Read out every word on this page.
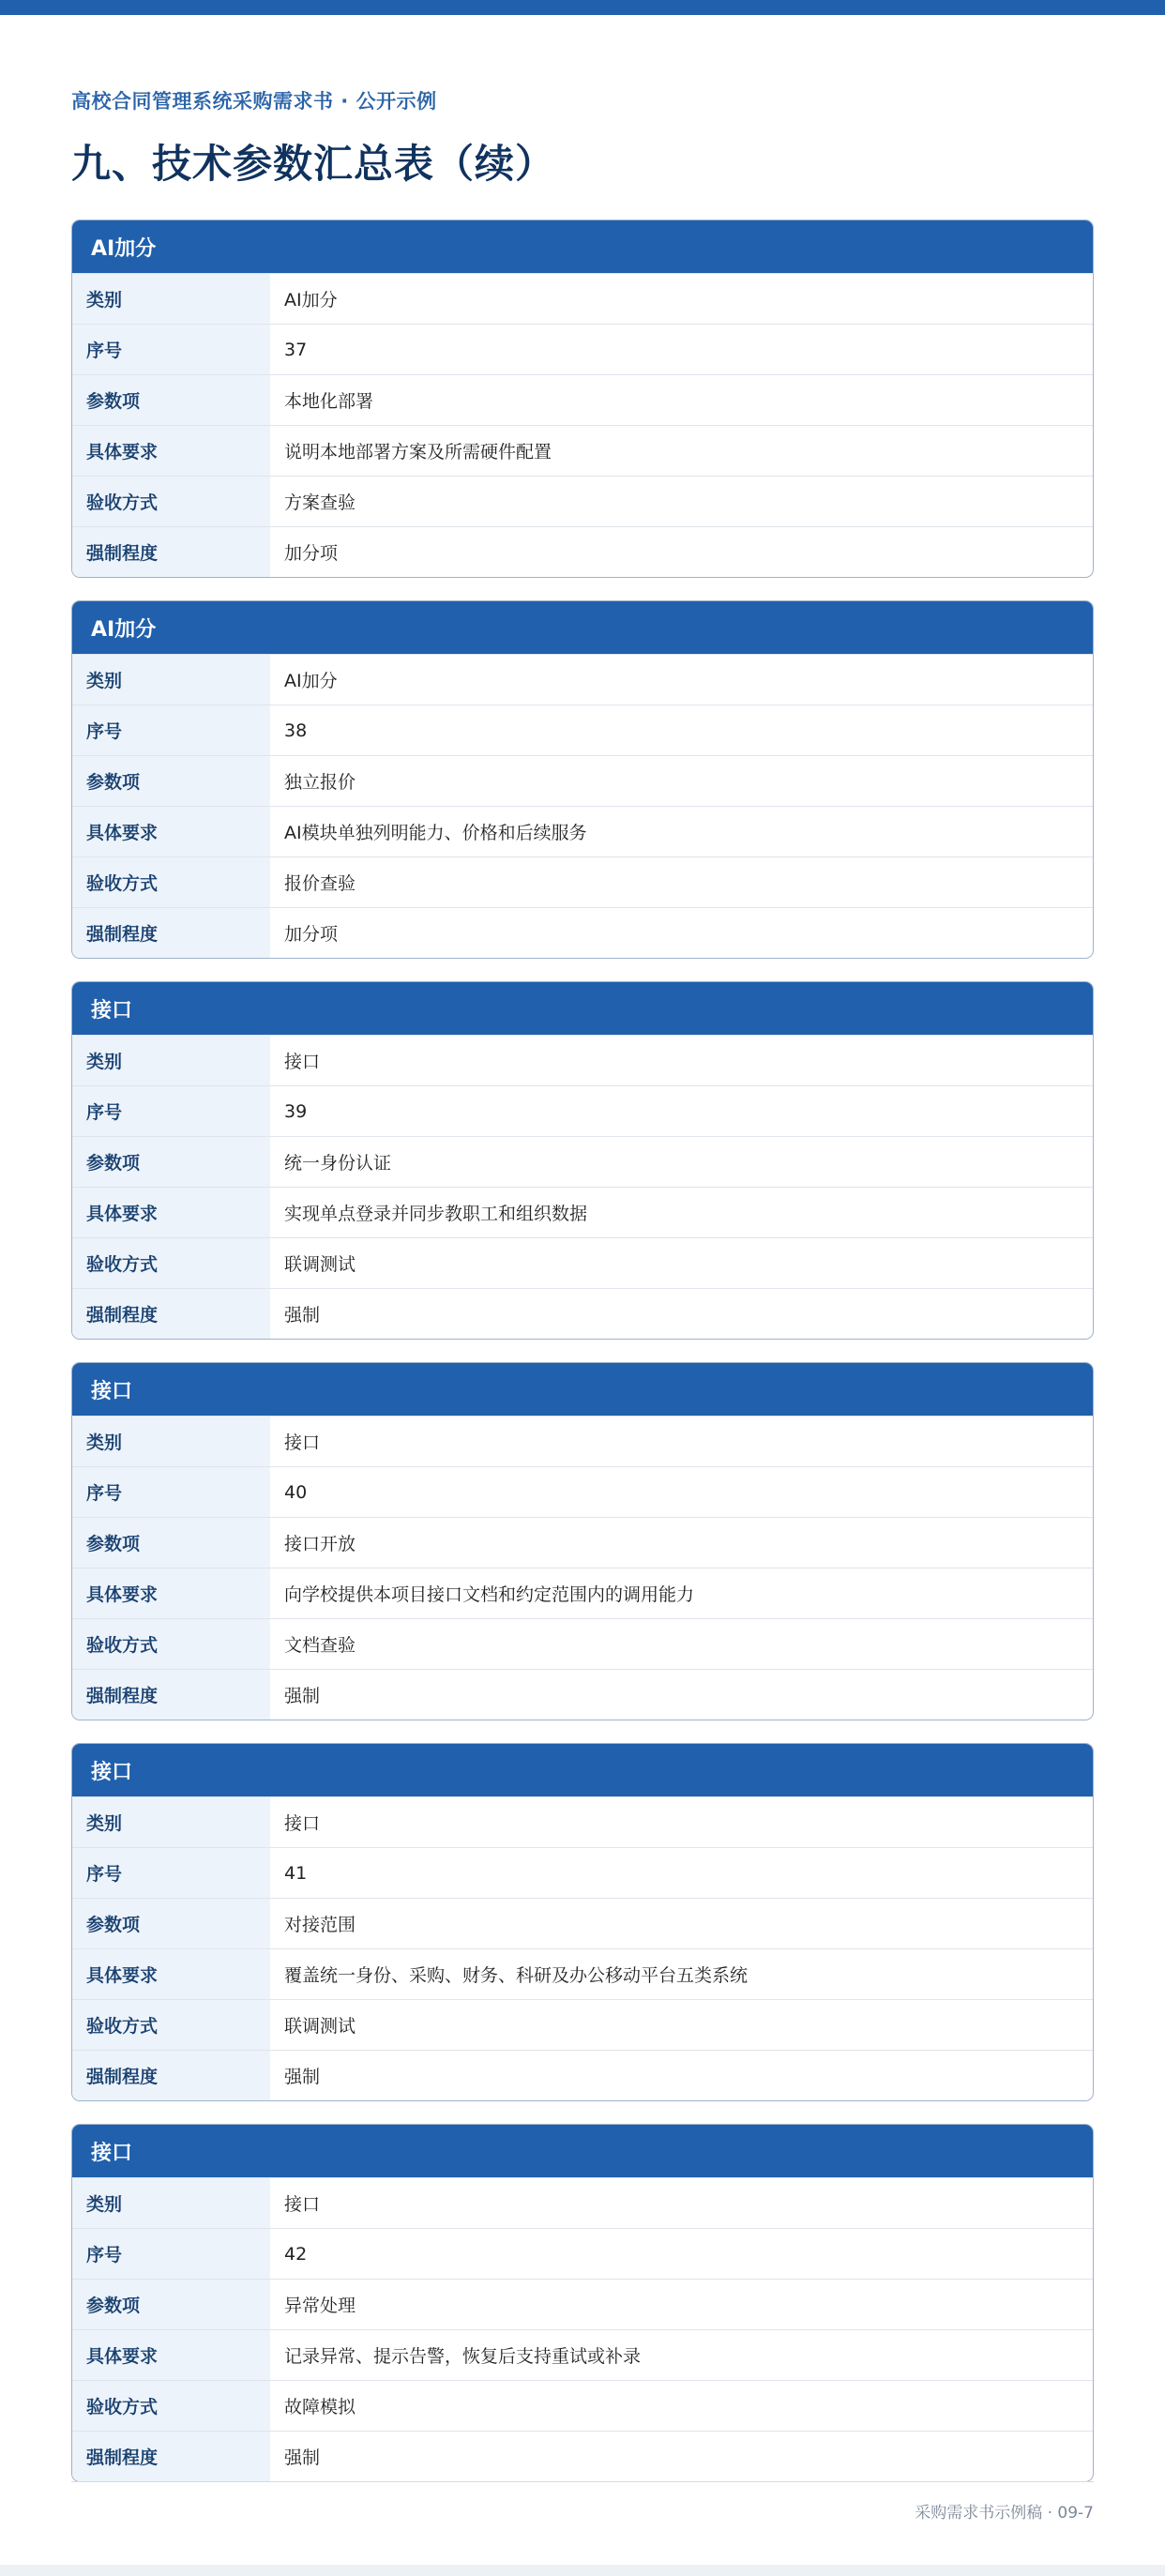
高校合同管理系统采购需求书 · 公开示例
九、技术参数汇总表（续）
AI加分
类别	AI加分
序号	37
参数项	本地化部署
具体要求	说明本地部署方案及所需硬件配置
验收方式	方案查验
强制程度	加分项
AI加分
类别	AI加分
序号	38
参数项	独立报价
具体要求	AI模块单独列明能力、价格和后续服务
验收方式	报价查验
强制程度	加分项
接口
类别	接口
序号	39
参数项	统一身份认证
具体要求	实现单点登录并同步教职工和组织数据
验收方式	联调测试
强制程度	强制
接口
类别	接口
序号	40
参数项	接口开放
具体要求	向学校提供本项目接口文档和约定范围内的调用能力
验收方式	文档查验
强制程度	强制
接口
类别	接口
序号	41
参数项	对接范围
具体要求	覆盖统一身份、采购、财务、科研及办公移动平台五类系统
验收方式	联调测试
强制程度	强制
接口
类别	接口
序号	42
参数项	异常处理
具体要求	记录异常、提示告警，恢复后支持重试或补录
验收方式	故障模拟
强制程度	强制
采购需求书示例稿 · 09-7
